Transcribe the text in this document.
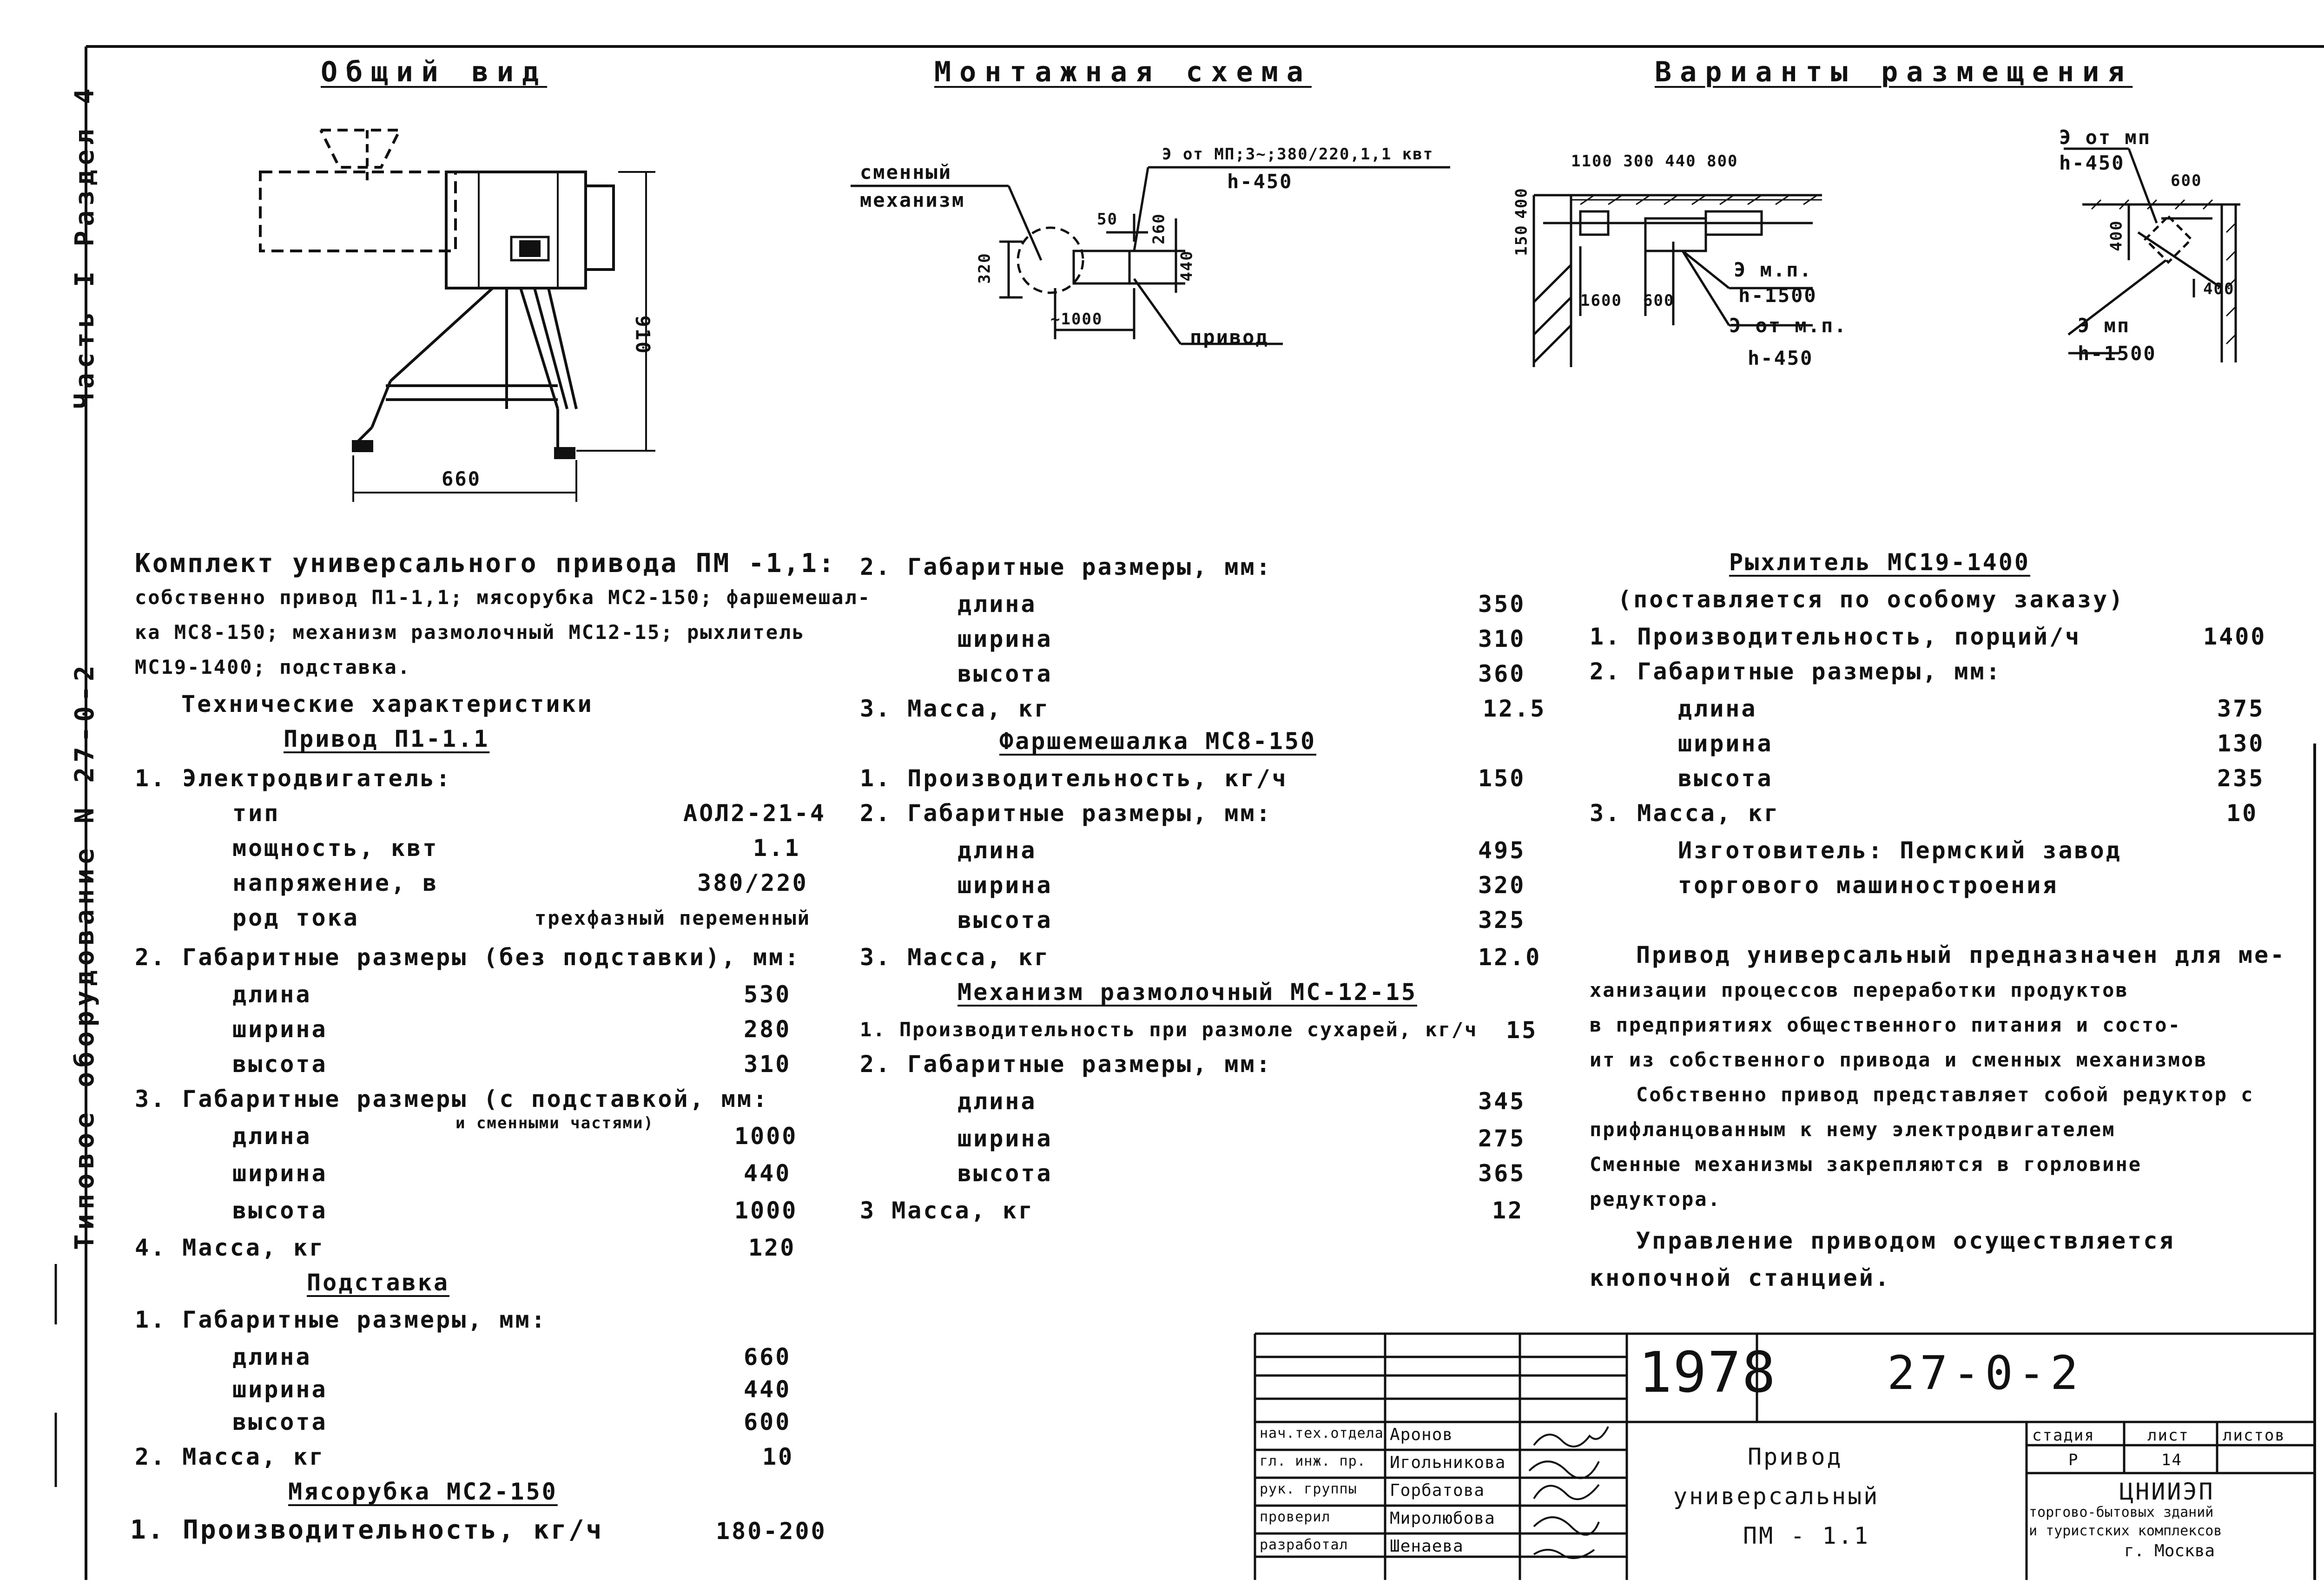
Часть I Раздел 4
Типовое оборудование N 27-0-2
Общий вид	Монтажная схема	Варианты размещения
910
660
сменный
механизм
Э от МП;3~;380/220,1,1 квт
h-450
50 260
320	440
~1000
привод
1100 300 440 800
400
150
1600 600
Э м.п.
h-1500
Э от м.п.
h-450
Э от мп
h-450
600
400
400
Э мп
h-1500
Комплект универсального привода ПМ -1,1:
собственно привод П1-1,1; мясорубка МС2-150; фаршемешал-
ка МС8-150; механизм размолочный МС12-15; рыхлитель
МС19-1400; подставка.
Технические характеристики
Привод П1-1.1
1. Электродвигатель:
тип	АОЛ2-21-4
мощность, квт	1.1
напряжение, в	380/220
род тока	трехфазный переменный
2. Габаритные размеры (без подставки), мм:
длина	530
ширина	280
высота	310
3. Габаритные размеры (с подставкой, мм:
и сменными частями)
длина	1000
ширина	440
высота	1000
4. Масса, кг	120
Подставка
1. Габаритные размеры, мм:
длина	660
ширина	440
высота	600
2. Масса, кг	10
Мясорубка МС2-150
1. Производительность, кг/ч	180-200
2. Габаритные размеры, мм:
длина	350
ширина	310
высота	360
3. Масса, кг	12.5
Фаршемешалка МС8-150
1. Производительность, кг/ч	150
2. Габаритные размеры, мм:
длина	495
ширина	320
высота	325
3. Масса, кг	12.0
Механизм размолочный МС-12-15
1. Производительность при размоле сухарей, кг/ч 15
2. Габаритные размеры, мм:
длина	345
ширина	275
высота	365
3 Масса, кг	12
Рыхлитель МС19-1400
(поставляется по особому заказу)
1. Производительность, порций/ч	1400
2. Габаритные размеры, мм:
длина	375
ширина	130
высота	235
3. Масса, кг	10
Изготовитель: Пермский завод
торгового машиностроения
Привод универсальный предназначен для ме-
ханизации процессов переработки продуктов
в предприятиях общественного питания и состо-
ит из собственного привода и сменных механизмов
Собственно привод представляет собой редуктор с
прифланцованным к нему электродвигателем
Сменные механизмы закрепляются в горловине
редуктора.
Управление приводом осуществляется
кнопочной станцией.
1978 27-0-2
нач.тех.отдела Аронов
гл. инж. пр. Игольникова
рук. группы Горбатова
проверил	Миролюбова
разработал Шенаева
Привод
универсальный
ПМ - 1.1
стадия	лист листов
Р	14
ЦНИИЭП
торгово-бытовых зданий
и туристских комплексов
г. Москва
